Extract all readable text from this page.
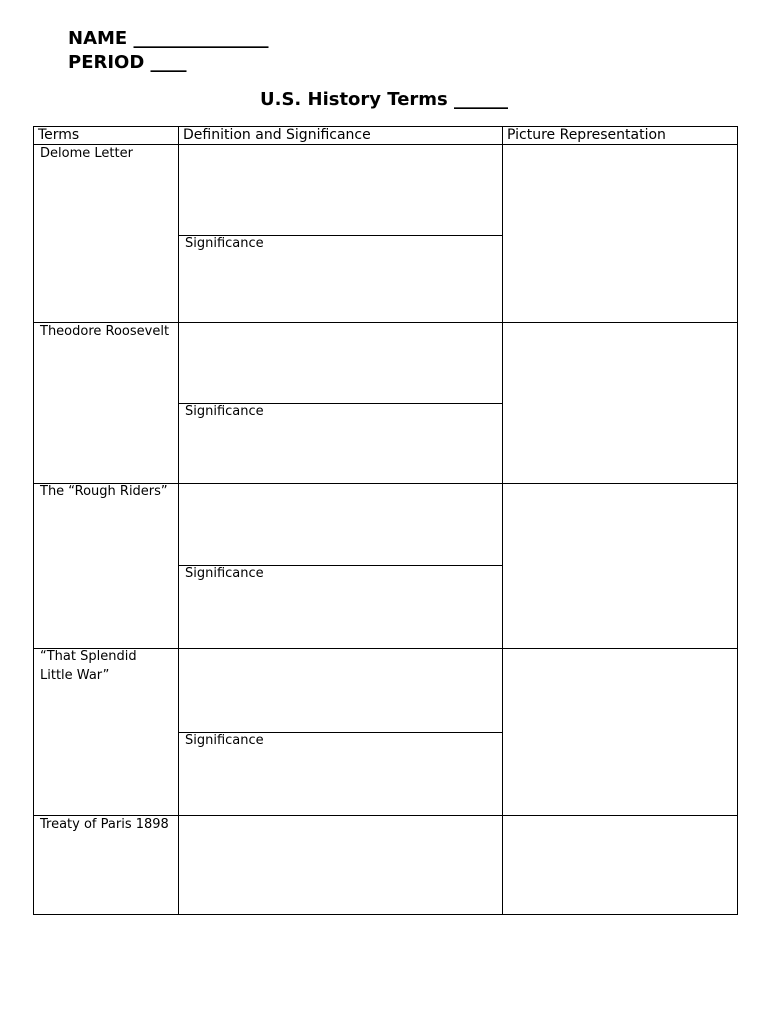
NAME _______________
PERIOD ____
U.S. History Terms ______
Terms	Definition and Significance	Picture Representation
Delome Letter
Theodore Roosevelt
The “Rough Riders”
“That Splendid Little War”
Treaty of Paris 1898
Significance
Significance
Significance
Significance
